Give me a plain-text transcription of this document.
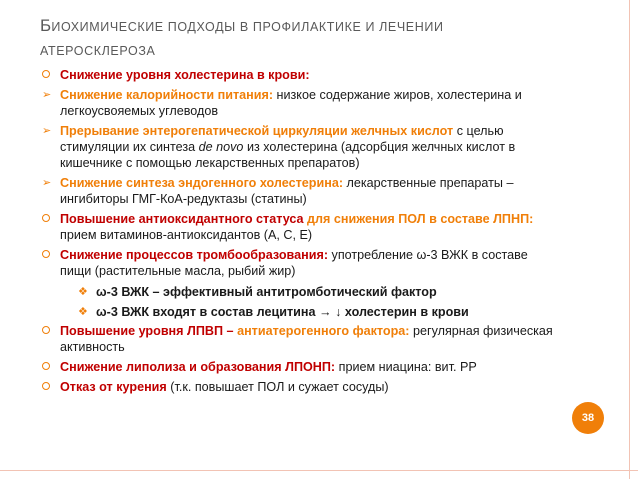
БИОХИМИЧЕСКИЕ ПОДХОДЫ В ПРОФИЛАКТИКЕ И ЛЕЧЕНИИ
АТЕРОСКЛЕРОЗА
Снижение уровня холестерина в крови:
➢ Снижение калорийности питания: низкое содержание жиров, холестерина и легкоусвояемых углеводов
➢ Прерывание энтерогепатической циркуляции желчных кислот с целью стимуляции их синтеза de novo из холестерина (адсорбция желчных кислот в кишечнике с помощью лекарственных препаратов)
➢ Снижение синтеза эндогенного холестерина: лекарственные препараты – ингибиторы ГМГ-КоА-редуктазы (статины)
Повышение антиоксидантного статуса для снижения ПОЛ в составе ЛПНП: прием витаминов-антиоксидантов (А, С, Е)
Снижение процессов тромбообразования: употребление ω-3 ВЖК в составе пищи (растительные масла, рыбий жир)
❖ ω-3 ВЖК – эффективный антитромботический фактор
❖ ω-3 ВЖК входят в состав лецитина → ↓ холестерин в крови
Повышение уровня ЛПВП – антиатерогенного фактора: регулярная физическая активность
Снижение липолиза и образования ЛПОНП: прием ниацина: вит. РР
Отказ от курения (т.к. повышает ПОЛ и сужает сосуды)
38
